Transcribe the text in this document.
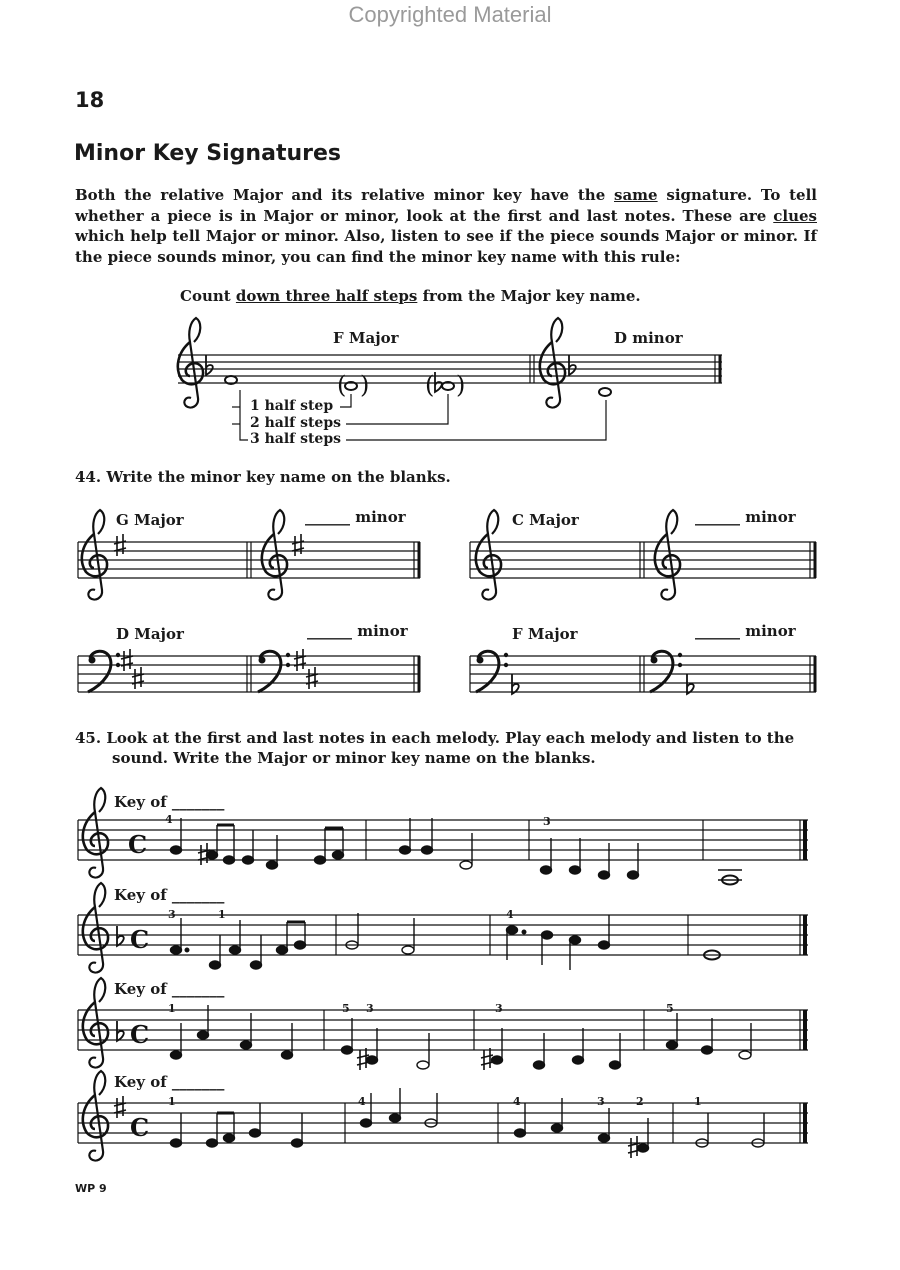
Copyrighted Material
18
Minor Key Signatures
Both the relative Major and its relative minor key have the same signature. To tell whether a piece is in Major or minor, look at the first and last notes. These are clues which help tell Major or minor. Also, listen to see if the piece sounds Major or minor. If the piece sounds minor, you can find the minor key name with this rule:
Count down three half steps from the Major key name.
( ) ( )
C
C
C
C
F Major	D minor
1 half step
2 half steps
3 half steps
44. Write the minor key name on the blanks.
G Major	______ minor	C Major	______ minor
D Major	______ minor	F Major	______ minor
45. Look at the first and last notes in each melody. Play each melody and listen to the
sound. Write the Major or minor key name on the blanks.
Key of _______
Key of _______
Key of _______
Key of _______
4	3
3	1	4
1	5 3	3	5
1	4	4	3	2	1
WP 9
